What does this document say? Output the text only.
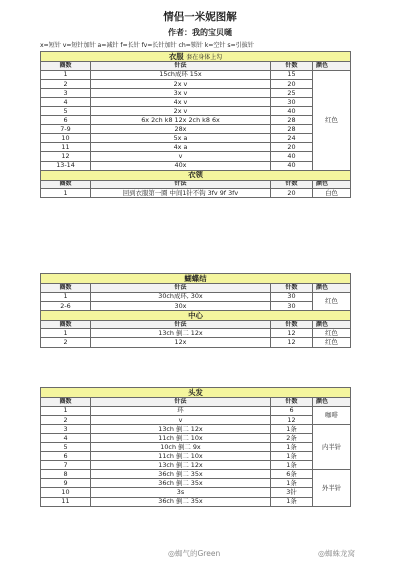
情侣一米妮图解
作者：我的宝贝嗵
x=短针 v=短针加针 a=减针 f=长针 fv=长针加针 ch=锁针 k=空针 s=引拔针
衣服 套在身体上勾			
圈数	针法	针数	颜色
1	15ch成环 15x	15	红色
2	2x v	20	
3	3x v	25	
4	4x v	30	
5	2x v	40	
6	6x 2ch k8 12x 2ch k8 6x	28	
7-9	28x	28	
10	5x a	24	
11	4x a	20	
12	v	40	
13-14	40x	40	
衣领			
圈数	针法	针数	颜色
1	回到衣服第一圈 中间1针不钩 3fv 9f 3fv	20	白色
蝴蝶结			
圈数	针法	针数	颜色
1	30ch成环, 30x	30	红色
2-6	30x	30	
中心			
圈数	针法	针数	颜色
1	13ch 倒二 12x	12	红色
2	12x	12	红色
头发			
圈数	针法	针数	颜色
1	环	6	咖啡
2	v	12	
3	13ch 倒二 12x	1条	内半针
4	11ch 倒二 10x	2条	
5	10ch 倒二 9x	1条	
6	11ch 倒二 10x	1条	
7	13ch 倒二 12x	1条	
8	36ch 倒二 35x	6条	外半针
9	36ch 倒二 35x	1条	
10	3s	3针	
11	36ch 倒二 35x	1条	
◎蜘气的Green	◎蜘蛛龙窝
